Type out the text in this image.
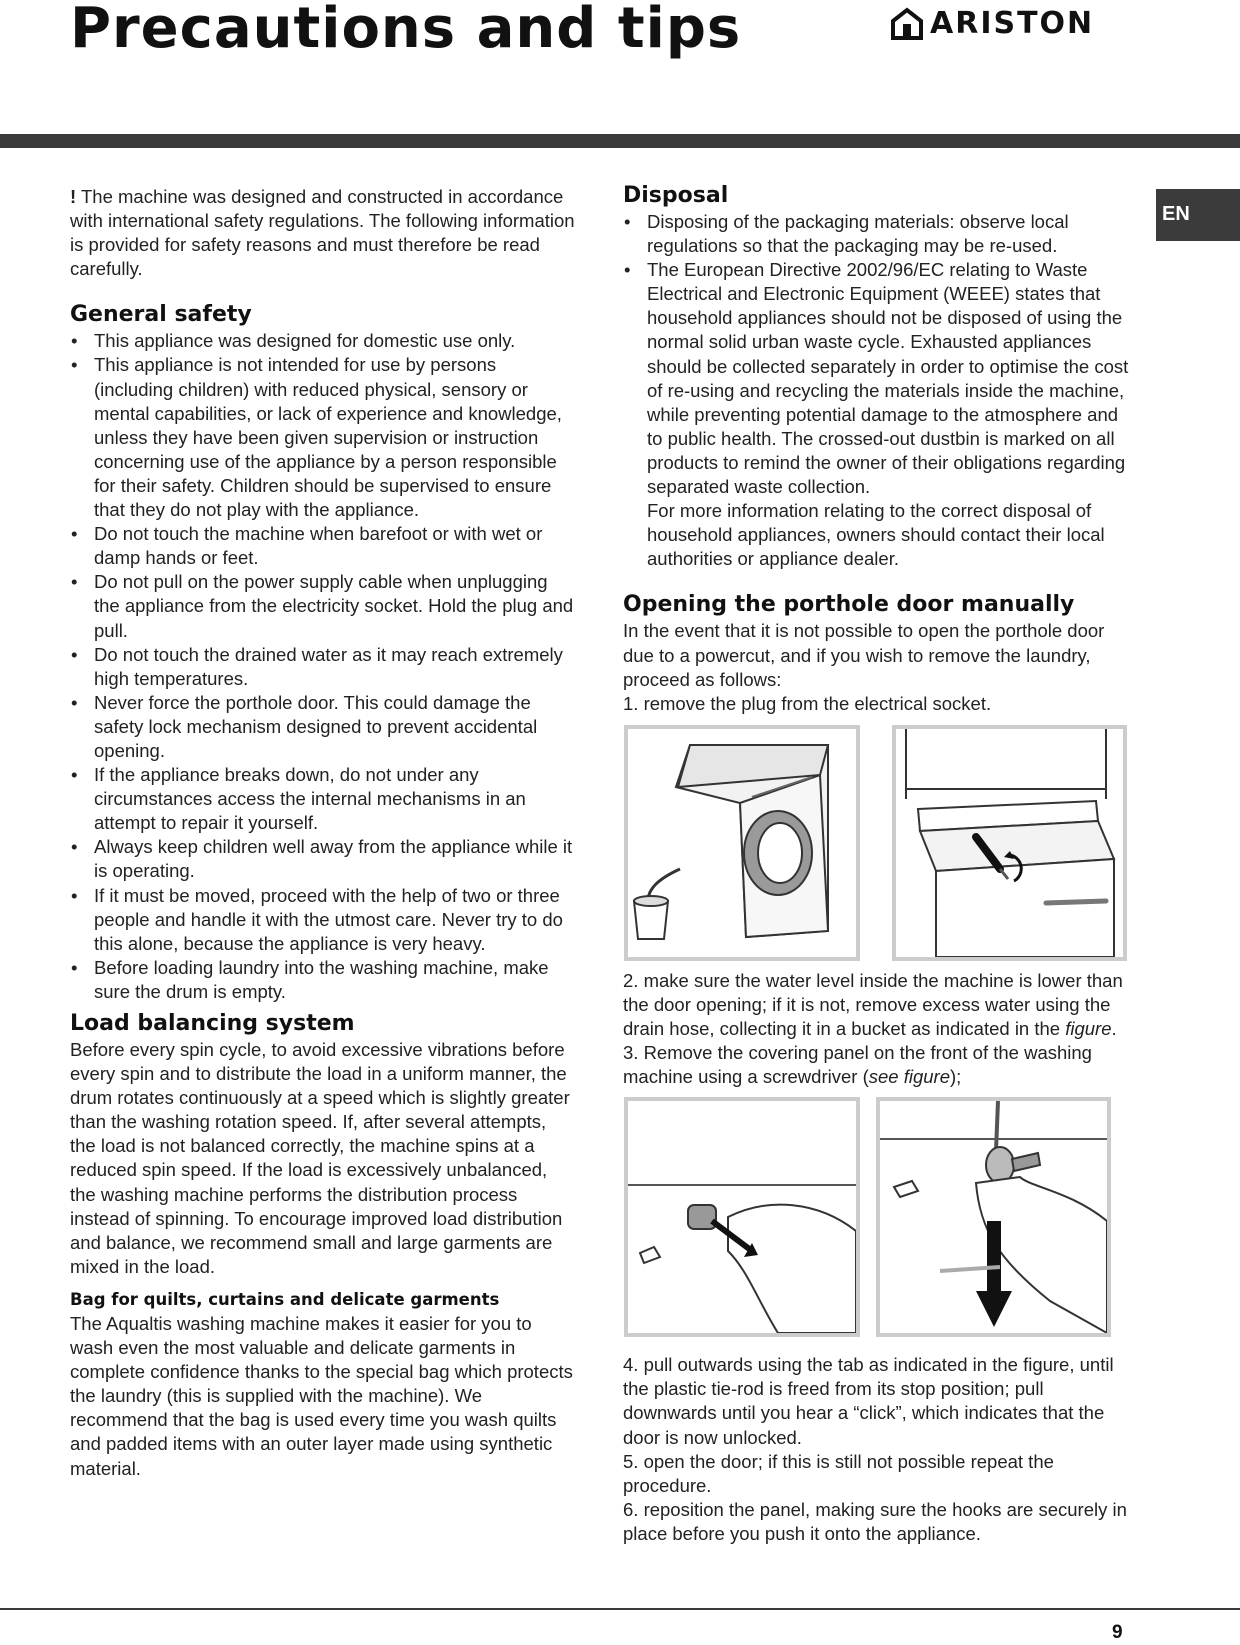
Precautions and tips	ARISTON
EN

! The machine was designed and constructed in accordance with international safety regulations. The following information is provided for safety reasons and must therefore be read carefully.

General safety
• This appliance was designed for domestic use only.
• This appliance is not intended for use by persons (including children) with reduced physical, sensory or mental capabilities, or lack of experience and knowledge, unless they have been given supervision or instruction concerning use of the appliance by a person responsible for their safety. Children should be supervised to ensure that they do not play with the appliance.
• Do not touch the machine when barefoot or with wet or damp hands or feet.
• Do not pull on the power supply cable when unplugging the appliance from the electricity socket. Hold the plug and pull.
• Do not touch the drained water as it may reach extremely high temperatures.
• Never force the porthole door. This could damage the safety lock mechanism designed to prevent accidental opening.
• If the appliance breaks down, do not under any circumstances access the internal mechanisms in an attempt to repair it yourself.
• Always keep children well away from the appliance while it is operating.
• If it must be moved, proceed with the help of two or three people and handle it with the utmost care. Never try to do this alone, because the appliance is very heavy.
• Before loading laundry into the washing machine, make sure the drum is empty.
Load balancing system

Before every spin cycle, to avoid excessive vibrations before every spin and to distribute the load in a uniform manner, the drum rotates continuously at a speed which is slightly greater than the washing rotation speed. If, after several attempts, the load is not balanced correctly, the machine spins at a reduced spin speed. If the load is excessively unbalanced, the washing machine performs the distribution process instead of spinning. To encourage improved load distribution and balance, we recommend small and large garments are mixed in the load.

Bag for quilts, curtains and delicate garments

The Aqualtis washing machine makes it easier for you to wash even the most valuable and delicate garments in complete confidence thanks to the special bag which protects the laundry (this is supplied with the machine). We recommend that the bag is used every time you wash quilts and padded items with an outer layer made using synthetic material.

Disposal
• Disposing of the packaging materials: observe local regulations so that the packaging may be re-used.
• The European Directive 2002/96/EC relating to Waste Electrical and Electronic Equipment (WEEE) states that household appliances should not be disposed of using the normal solid urban waste cycle. Exhausted appliances should be collected separately in order to optimise the cost of re-using and recycling the materials inside the machine, while preventing potential damage to the atmosphere and to public health. The crossed-out dustbin is marked on all products to remind the owner of their obligations regarding separated waste collection.
For more information relating to the correct disposal of household appliances, owners should contact their local authorities or appliance dealer.
Opening the porthole door manually

In the event that it is not possible to open the porthole door due to a powercut, and if you wish to remove the laundry, proceed as follows:

1. remove the plug from the electrical socket.

2. make sure the water level inside the machine is lower than the door opening; if it is not, remove excess water using the drain hose, collecting it in a bucket as indicated in the figure.

3. Remove the covering panel on the front of the washing machine using a screwdriver (see figure);

4. pull outwards using the tab as indicated in the figure, until the plastic tie-rod is freed from its stop position; pull downwards until you hear a “click”, which indicates that the door is now unlocked.

5. open the door; if this is still not possible repeat the procedure.

6. reposition the panel, making sure the hooks are securely in place before you push it onto the appliance.

9
